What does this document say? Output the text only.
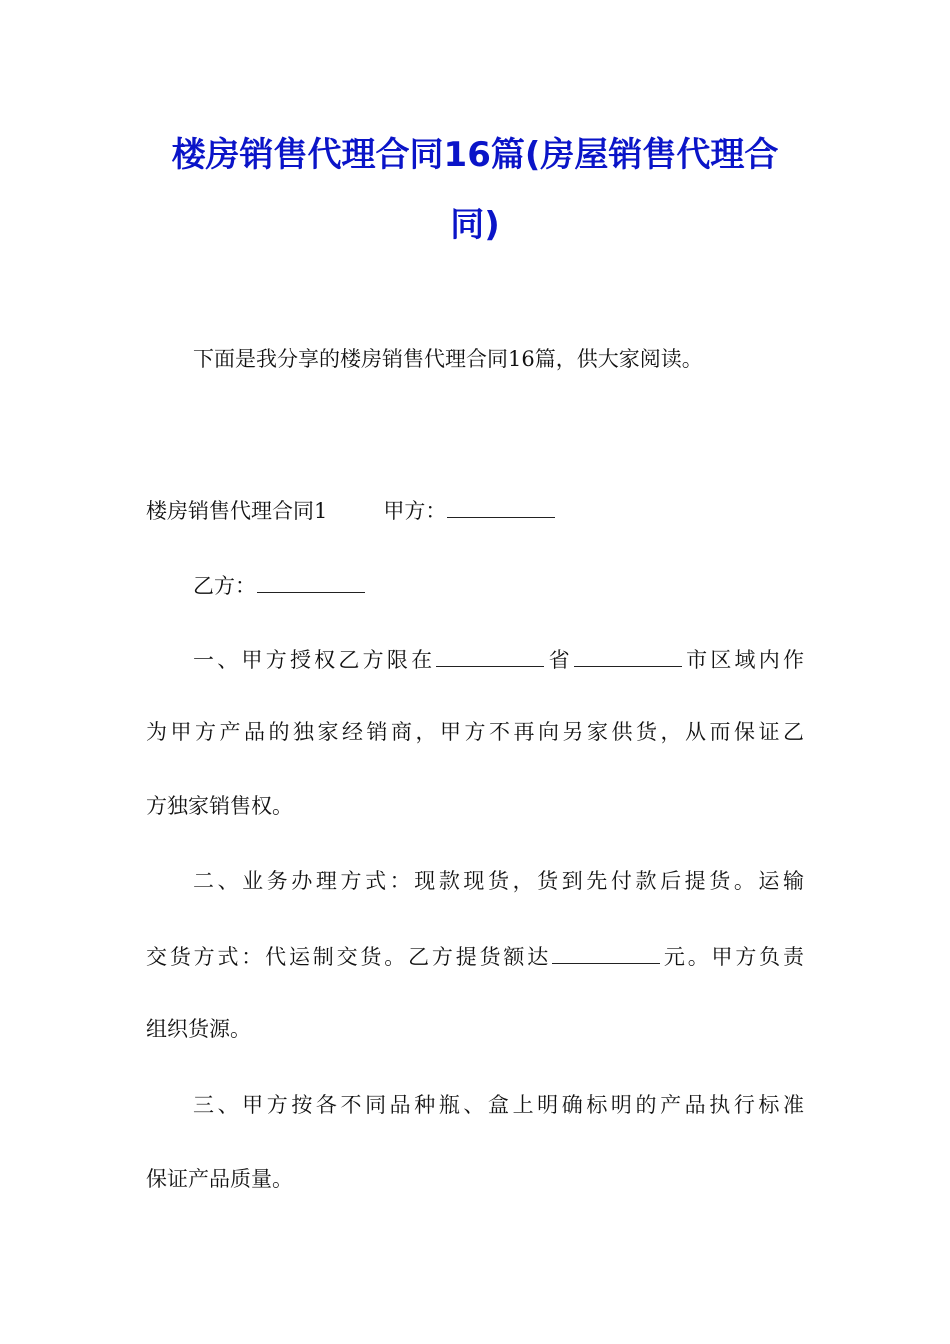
楼房销售代理合同16篇(房屋销售代理合
同)
下面是我分享的楼房销售代理合同16篇，供大家阅读。
楼房销售代理合同1	甲方：
乙方：
一、甲方授权乙方限在	省	市区域内作
为甲方产品的独家经销商，甲方不再向另家供货，从而保证乙
方独家销售权。
二、业务办理方式：现款现货，货到先付款后提货。运输
交货方式：代运制交货。乙方提货额达	元。甲方负责
组织货源。
三、甲方按各不同品种瓶、盒上明确标明的产品执行标准
保证产品质量。
